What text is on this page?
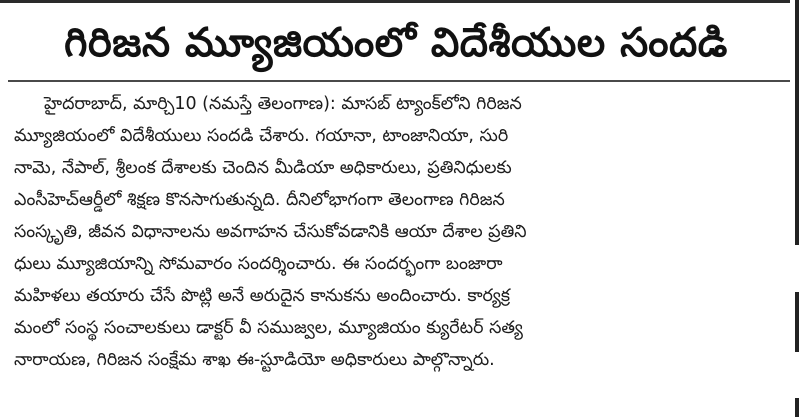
గిరిజన మ్యూజియంలో విదేశీయుల సందడి
హైదరాబాద్, మార్చి10 (నమస్తే తెలంగాణ): మాసబ్ ట్యాంక్‌లోని గిరిజన
మ్యూజియంలో విదేశీయులు సందడి చేశారు. గయానా, టాంజానియా, సురి
నామె, నేపాల్, శ్రీలంక దేశాలకు చెందిన మీడియా అధికారులు, ప్రతినిధులకు
ఎంసీహెచ్‌ఆర్డీలో శిక్షణ కొనసాగుతున్నది. దీనిలోభాగంగా తెలంగాణ గిరిజన
సంస్కృతి, జీవన విధానాలను అవగాహన చేసుకోవడానికి ఆయా దేశాల ప్రతిని
ధులు మ్యూజియాన్ని సోమవారం సందర్శించారు. ఈ సందర్భంగా బంజారా
మహిళలు తయారు చేసే పొట్లి అనే అరుదైన కానుకను అందించారు. కార్యక్ర
మంలో సంస్థ సంచాలకులు డాక్టర్ వీ సముజ్వల, మ్యూజియం క్యురేటర్ సత్య
నారాయణ, గిరిజన సంక్షేమ శాఖ ఈ-స్టూడియో అధికారులు పాల్గొన్నారు.
